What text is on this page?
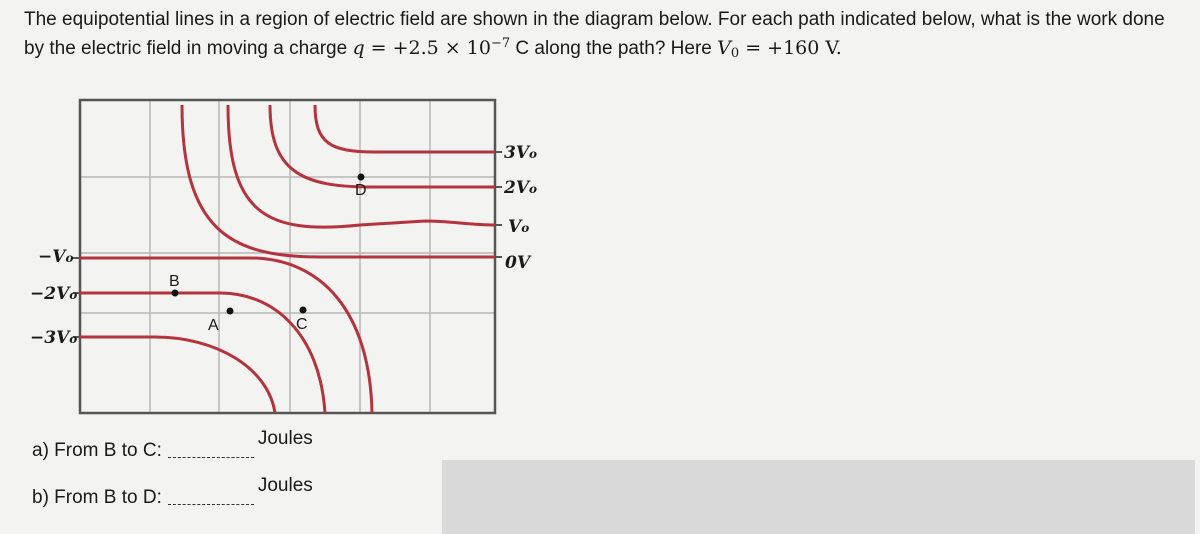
The equipotential lines in a region of electric field are shown in the diagram below. For each path indicated below, what is the work done by the electric field in moving a charge $q = +2.5 \times 10^{-7}$ C along the path? Here $V_0 = +160$ V.
B
A	C
D
3Vo
2Vo
Vo
0V
−Vo
−2Vo
−3Vo
a) From B to C:
Joules
b) From B to D:
Joules
